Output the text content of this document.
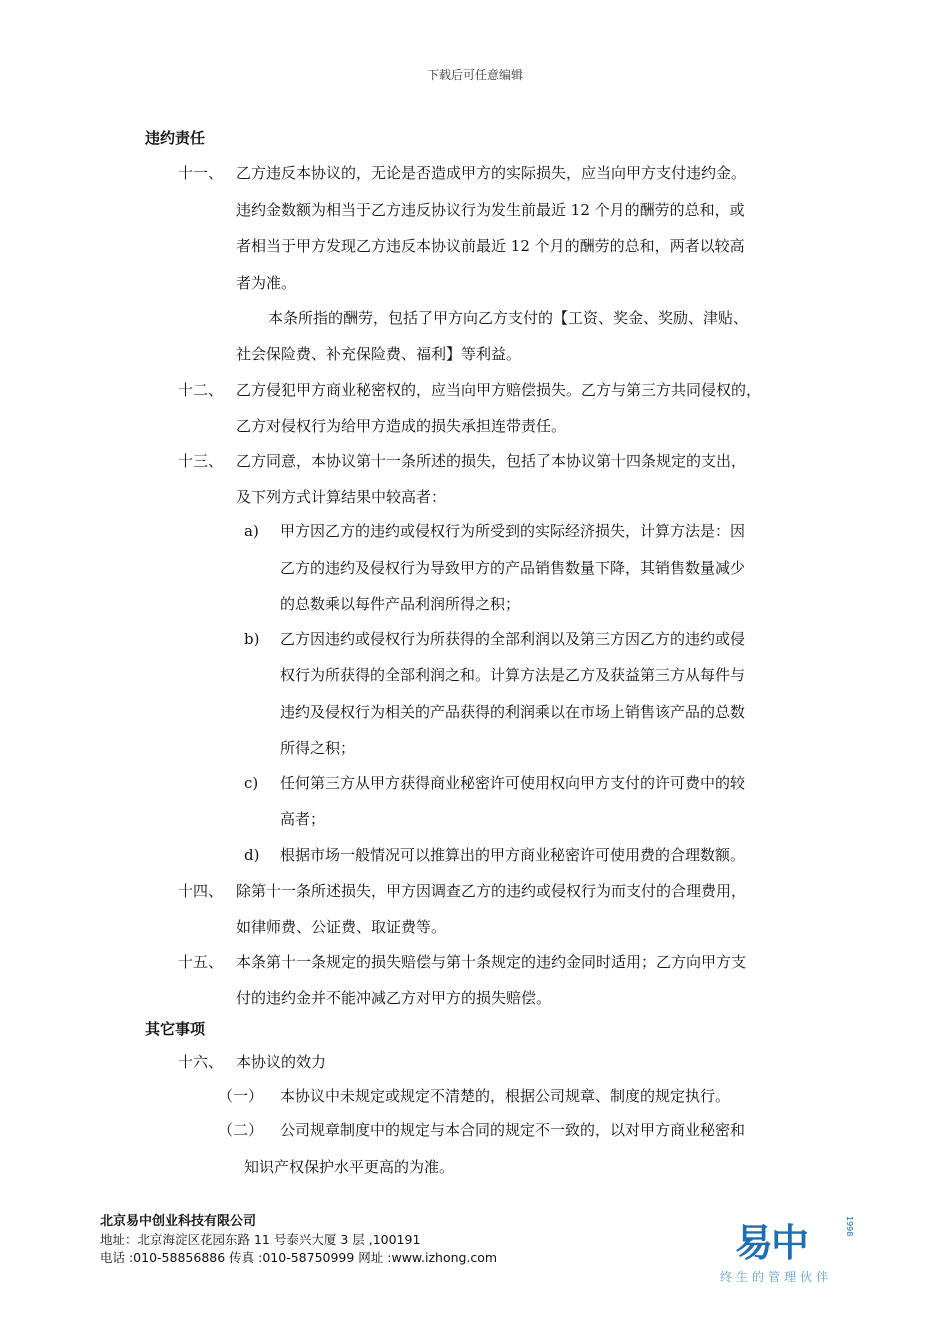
下载后可任意编辑
违约责任
十一、 乙方违反本协议的，无论是否造成甲方的实际损失，应当向甲方支付违约金。
违约金数额为相当于乙方违反协议行为发生前最近 12 个月的酬劳的总和，或
者相当于甲方发现乙方违反本协议前最近 12 个月的酬劳的总和，两者以较高
者为准。
本条所指的酬劳，包括了甲方向乙方支付的【工资、奖金、奖励、津贴、
社会保险费、补充保险费、福利】等利益。
十二、 乙方侵犯甲方商业秘密权的，应当向甲方赔偿损失。乙方与第三方共同侵权的，
乙方对侵权行为给甲方造成的损失承担连带责任。
十三、 乙方同意，本协议第十一条所述的损失，包括了本协议第十四条规定的支出，
及下列方式计算结果中较高者：
a) 甲方因乙方的违约或侵权行为所受到的实际经济损失，计算方法是：因
乙方的违约及侵权行为导致甲方的产品销售数量下降，其销售数量减少
的总数乘以每件产品利润所得之积；
b) 乙方因违约或侵权行为所获得的全部利润以及第三方因乙方的违约或侵
权行为所获得的全部利润之和。计算方法是乙方及获益第三方从每件与
违约及侵权行为相关的产品获得的利润乘以在市场上销售该产品的总数
所得之积；
c) 任何第三方从甲方获得商业秘密许可使用权向甲方支付的许可费中的较
高者；
d) 根据市场一般情况可以推算出的甲方商业秘密许可使用费的合理数额。
十四、 除第十一条所述损失，甲方因调查乙方的违约或侵权行为而支付的合理费用，
如律师费、公证费、取证费等。
十五、 本条第十一条规定的损失赔偿与第十条规定的违约金同时适用；乙方向甲方支
付的违约金并不能冲减乙方对甲方的损失赔偿。
其它事项
十六、 本协议的效力
（一） 本协议中未规定或规定不清楚的，根据公司规章、制度的规定执行。
（二） 公司规章制度中的规定与本合同的规定不一致的，以对甲方商业秘密和
知识产权保护水平更高的为准。
北京易中创业科技有限公司
地址：北京海淀区花园东路 11 号泰兴大厦 3 层 ,100191
电话 :010-58856886 传真 :010-58750999 网址 :www.izhong.com	易中	1998
终生的管理伙伴
